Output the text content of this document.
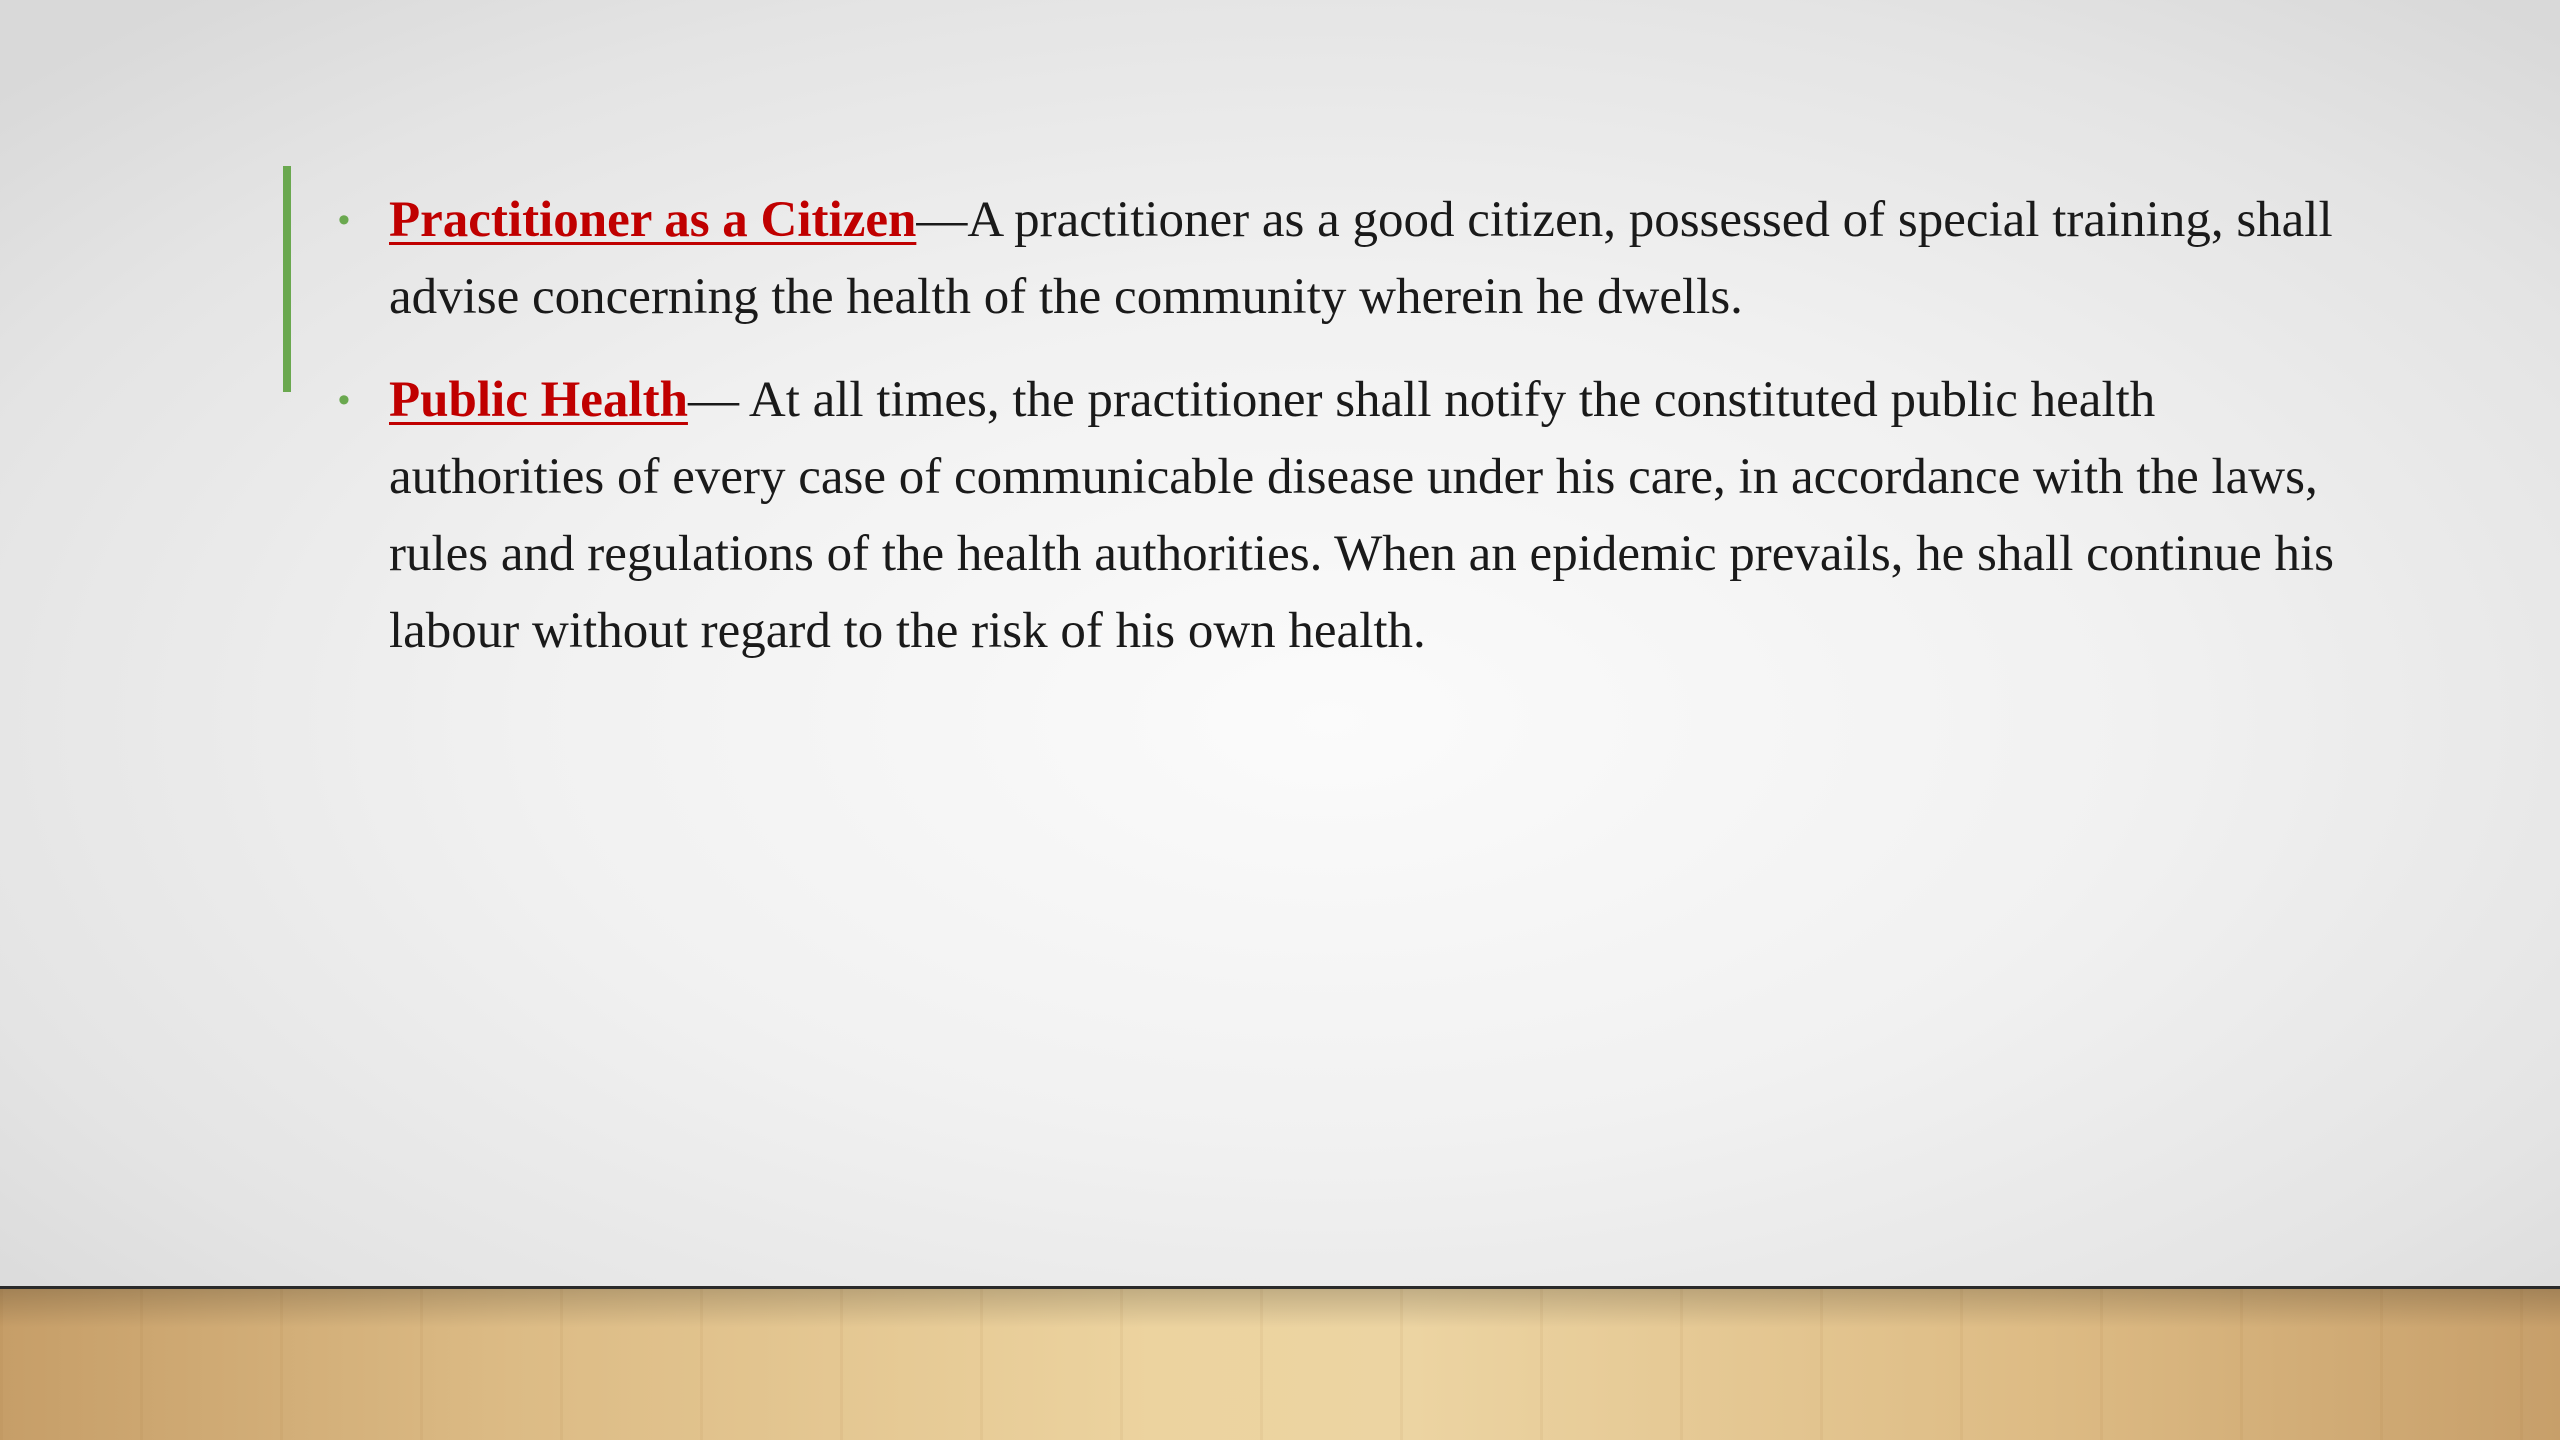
• Practitioner as a Citizen—A practitioner as a good citizen, possessed of special training, shall advise concerning the health of the community wherein he dwells.
• Public Health— At all times, the practitioner shall notify the constituted public health authorities of every case of communicable disease under his care, in accordance with the laws, rules and regulations of the health authorities. When an epidemic prevails, he shall continue his labour without regard to the risk of his own health.
